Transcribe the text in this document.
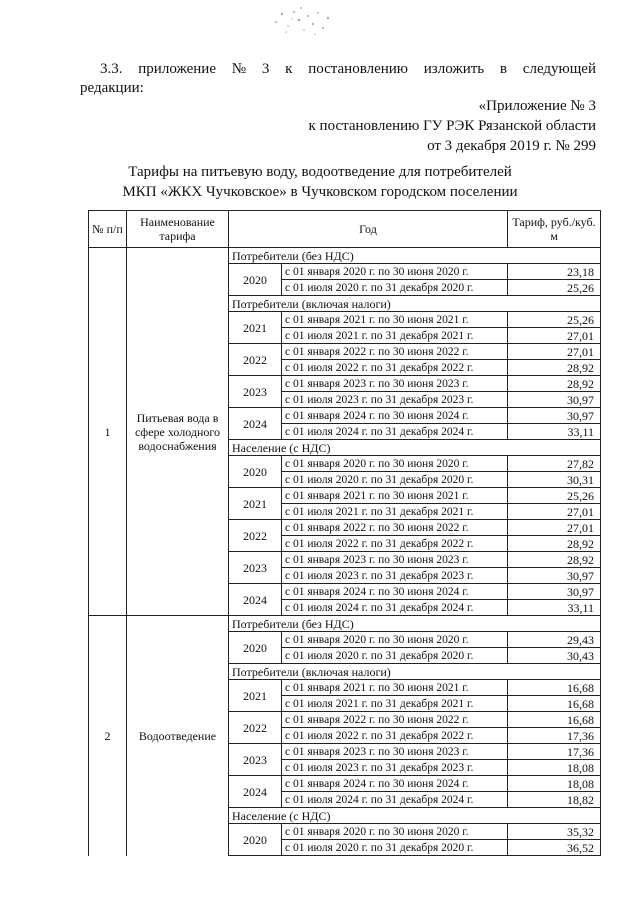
3.3. приложение № 3 к постановлению изложить в следующей
редакции:
«Приложение № 3
к постановлению ГУ РЭК Рязанской области
от 3 декабря 2019 г. № 299
Тарифы на питьевую воду, водоотведение для потребителей
МКП «ЖКХ Чучковское» в Чучковском городском поселении
№ п/п	Наименование тарифа	Год		Тариф, руб./куб. м
1	Питьевая вода в сфере холодного водоснабжения	Потребители (без НДС)		
		2020	с 01 января 2020 г. по 30 июня 2020 г.	23,18
			с 01 июля 2020 г. по 31 декабря 2020 г.	25,26
		Потребители (включая налоги)		
		2021	с 01 января 2021 г. по 30 июня 2021 г.	25,26
			с 01 июля 2021 г. по 31 декабря 2021 г.	27,01
		2022	с 01 января 2022 г. по 30 июня 2022 г.	27,01
			с 01 июля 2022 г. по 31 декабря 2022 г.	28,92
		2023	с 01 января 2023 г. по 30 июня 2023 г.	28,92
			с 01 июля 2023 г. по 31 декабря 2023 г.	30,97
		2024	с 01 января 2024 г. по 30 июня 2024 г.	30,97
			с 01 июля 2024 г. по 31 декабря 2024 г.	33,11
		Население (с НДС)		
		2020	с 01 января 2020 г. по 30 июня 2020 г.	27,82
			с 01 июля 2020 г. по 31 декабря 2020 г.	30,31
		2021	с 01 января 2021 г. по 30 июня 2021 г.	25,26
			с 01 июля 2021 г. по 31 декабря 2021 г.	27,01
		2022	с 01 января 2022 г. по 30 июня 2022 г.	27,01
			с 01 июля 2022 г. по 31 декабря 2022 г.	28,92
		2023	с 01 января 2023 г. по 30 июня 2023 г.	28,92
			с 01 июля 2023 г. по 31 декабря 2023 г.	30,97
		2024	с 01 января 2024 г. по 30 июня 2024 г.	30,97
			с 01 июля 2024 г. по 31 декабря 2024 г.	33,11
2	Водоотведение	Потребители (без НДС)		
		2020	с 01 января 2020 г. по 30 июня 2020 г.	29,43
			с 01 июля 2020 г. по 31 декабря 2020 г.	30,43
		Потребители (включая налоги)		
		2021	с 01 января 2021 г. по 30 июня 2021 г.	16,68
			с 01 июля 2021 г. по 31 декабря 2021 г.	16,68
		2022	с 01 января 2022 г. по 30 июня 2022 г.	16,68
			с 01 июля 2022 г. по 31 декабря 2022 г.	17,36
		2023	с 01 января 2023 г. по 30 июня 2023 г.	17,36
			с 01 июля 2023 г. по 31 декабря 2023 г.	18,08
		2024	с 01 января 2024 г. по 30 июня 2024 г.	18,08
			с 01 июля 2024 г. по 31 декабря 2024 г.	18,82
		Население (с НДС)		
		2020	с 01 января 2020 г. по 30 июня 2020 г.	35,32
			с 01 июля 2020 г. по 31 декабря 2020 г.	36,52
